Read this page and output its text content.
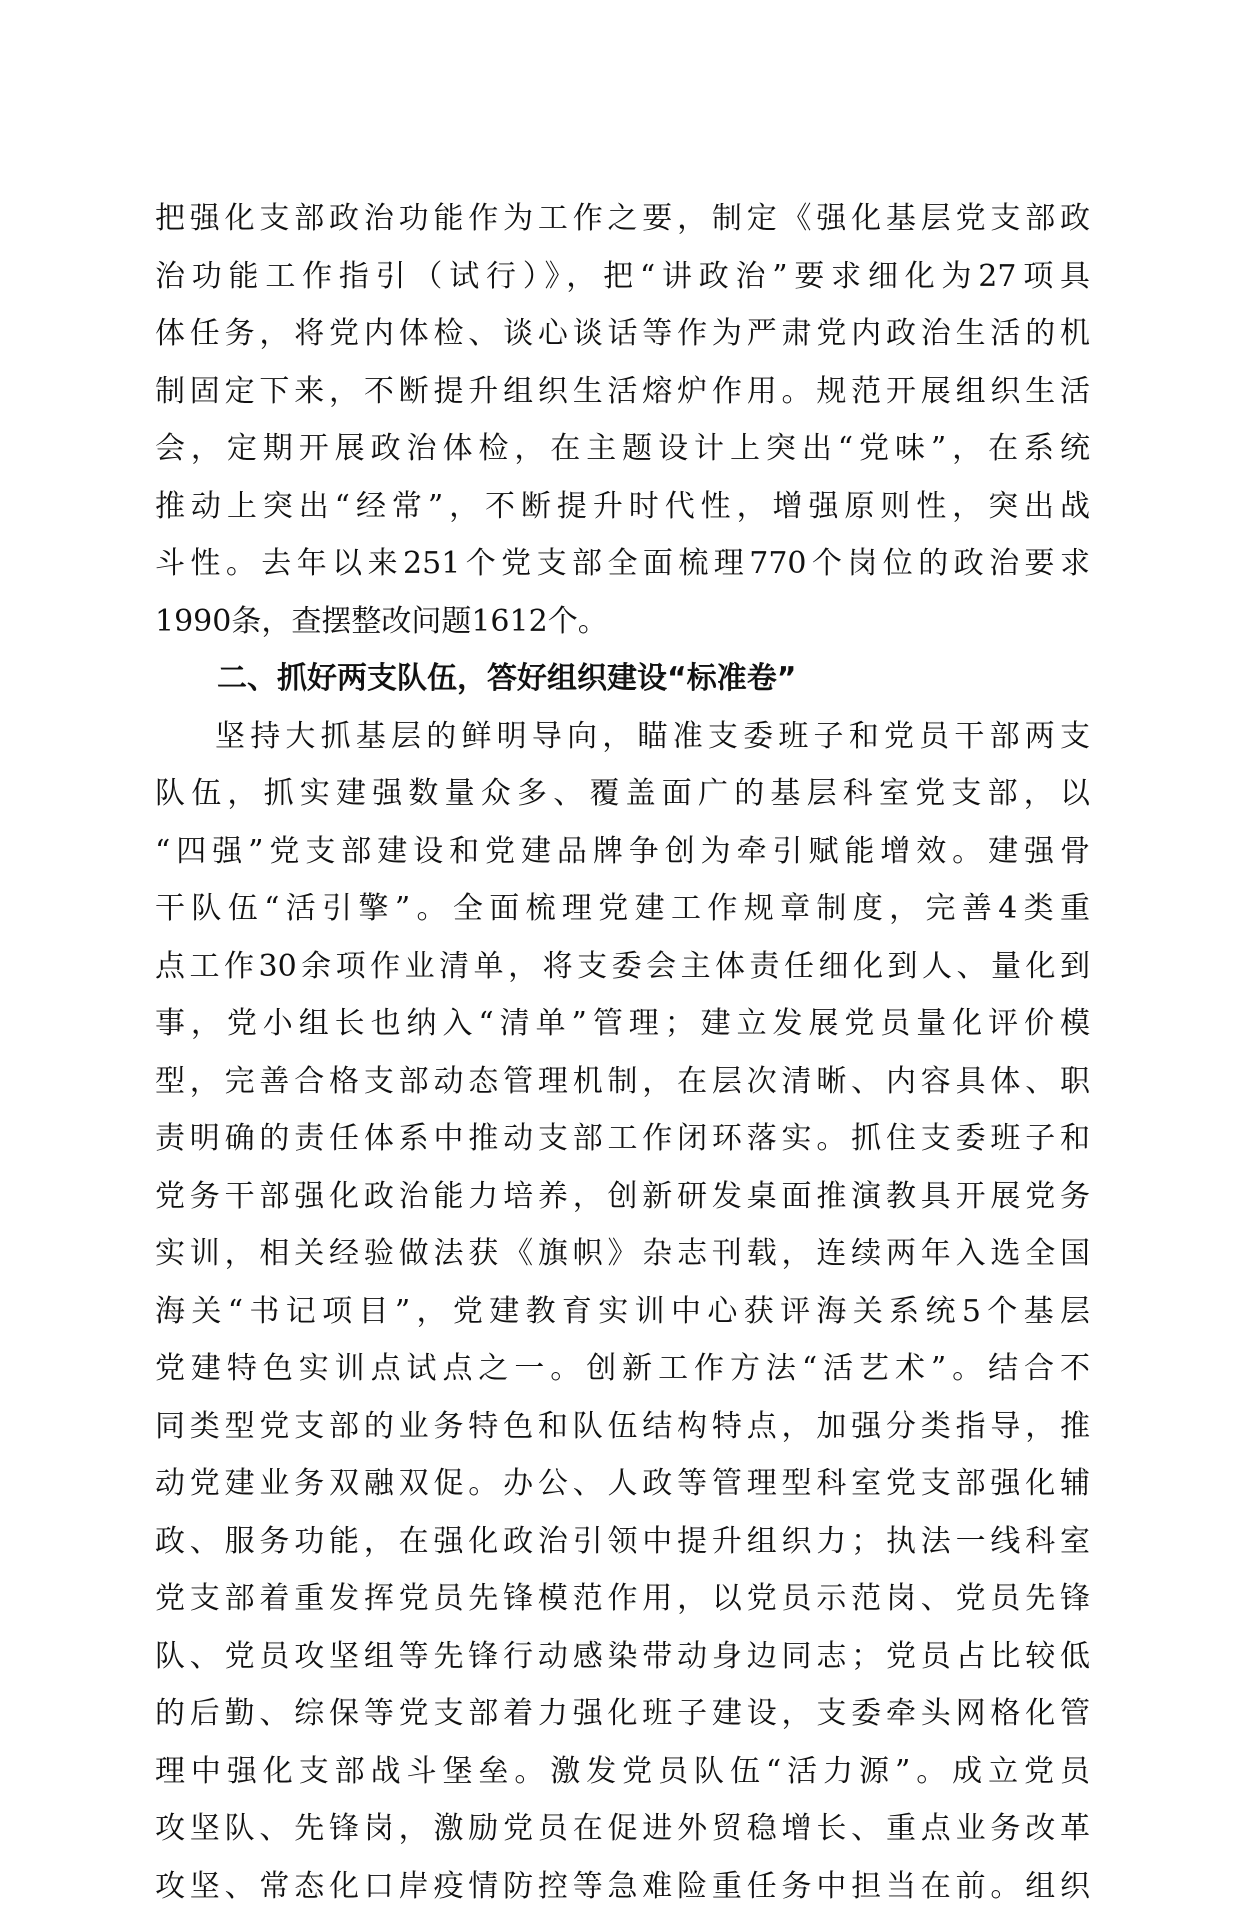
把强化支部政治功能作为工作之要，制定《强化基层党支部政
治功能工作指引（试行）》，把“讲政治”要求细化为27项具
体任务，将党内体检、谈心谈话等作为严肃党内政治生活的机
制固定下来，不断提升组织生活熔炉作用。规范开展组织生活
会，定期开展政治体检，在主题设计上突出“党味”，在系统
推动上突出“经常”，不断提升时代性，增强原则性，突出战
斗性。去年以来251个党支部全面梳理770个岗位的政治要求
1990条，查摆整改问题1612个。
二、抓好两支队伍，答好组织建设“标准卷”
坚持大抓基层的鲜明导向，瞄准支委班子和党员干部两支
队伍，抓实建强数量众多、覆盖面广的基层科室党支部，以
“四强”党支部建设和党建品牌争创为牵引赋能增效。建强骨
干队伍“活引擎”。全面梳理党建工作规章制度，完善4类重
点工作30余项作业清单，将支委会主体责任细化到人、量化到
事，党小组长也纳入“清单”管理；建立发展党员量化评价模
型，完善合格支部动态管理机制，在层次清晰、内容具体、职
责明确的责任体系中推动支部工作闭环落实。抓住支委班子和
党务干部强化政治能力培养，创新研发桌面推演教具开展党务
实训，相关经验做法获《旗帜》杂志刊载，连续两年入选全国
海关“书记项目”，党建教育实训中心获评海关系统5个基层
党建特色实训点试点之一。创新工作方法“活艺术”。结合不
同类型党支部的业务特色和队伍结构特点，加强分类指导，推
动党建业务双融双促。办公、人政等管理型科室党支部强化辅
政、服务功能，在强化政治引领中提升组织力；执法一线科室
党支部着重发挥党员先锋模范作用，以党员示范岗、党员先锋
队、党员攻坚组等先锋行动感染带动身边同志；党员占比较低
的后勤、综保等党支部着力强化班子建设，支委牵头网格化管
理中强化支部战斗堡垒。激发党员队伍“活力源”。成立党员
攻坚队、先锋岗，激励党员在促进外贸稳增长、重点业务改革
攻坚、常态化口岸疫情防控等急难险重任务中担当在前。组织
